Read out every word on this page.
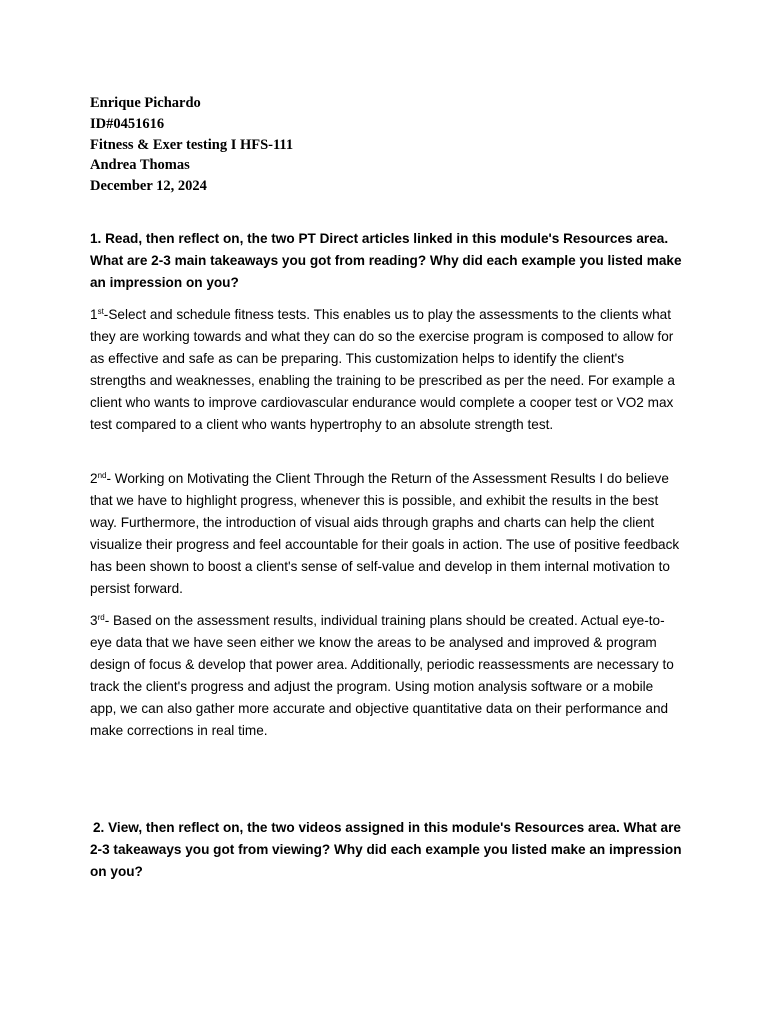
Enrique Pichardo
ID#0451616
Fitness & Exer testing I HFS-111
Andrea Thomas
December 12, 2024

1. Read, then reflect on, the two PT Direct articles linked in this module's Resources area. What are 2-3 main takeaways you got from reading? Why did each example you listed make an impression on you?

1st-Select and schedule fitness tests. This enables us to play the assessments to the clients what they are working towards and what they can do so the exercise program is composed to allow for as effective and safe as can be preparing. This customization helps to identify the client's strengths and weaknesses, enabling the training to be prescribed as per the need. For example a client who wants to improve cardiovascular endurance would complete a cooper test or VO2 max test compared to a client who wants hypertrophy to an absolute strength test.

2nd- Working on Motivating the Client Through the Return of the Assessment Results I do believe that we have to highlight progress, whenever this is possible, and exhibit the results in the best way. Furthermore, the introduction of visual aids through graphs and charts can help the client visualize their progress and feel accountable for their goals in action. The use of positive feedback has been shown to boost a client's sense of self-value and develop in them internal motivation to persist forward.

3rd- Based on the assessment results, individual training plans should be created. Actual eye-to-eye data that we have seen either we know the areas to be analysed and improved & program design of focus & develop that power area. Additionally, periodic reassessments are necessary to track the client's progress and adjust the program. Using motion analysis software or a mobile app, we can also gather more accurate and objective quantitative data on their performance and make corrections in real time.

2. View, then reflect on, the two videos assigned in this module's Resources area. What are 2-3 takeaways you got from viewing? Why did each example you listed make an impression on you?
